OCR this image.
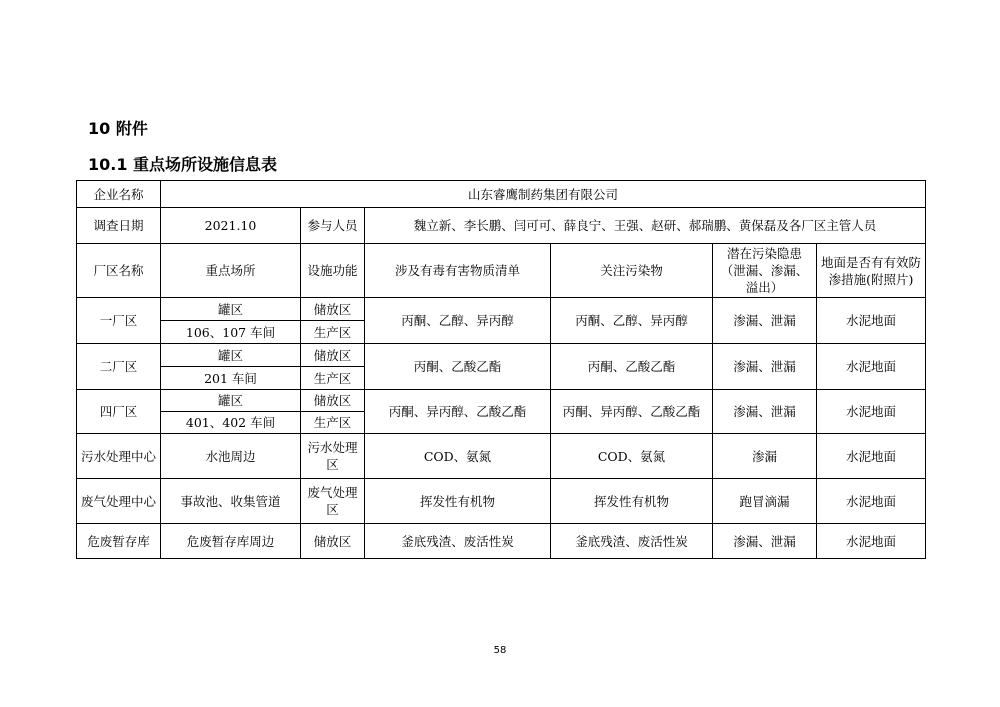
10 附件
10.1 重点场所设施信息表
企业名称	山东睿鹰制药集团有限公司					
调查日期	2021.10	参与人员	魏立新、李长鹏、闫可可、薛良宁、王强、赵研、郝瑞鹏、黄保磊及各厂区主管人员			
厂区名称	重点场所	设施功能	涉及有毒有害物质清单	关注污染物	潜在污染隐患（泄漏、渗漏、溢出）	地面是否有有效防渗措施(附照片)
一厂区	罐区	储放区	丙酮、乙醇、异丙醇	丙酮、乙醇、异丙醇	渗漏、泄漏	水泥地面
	106、107 车间	生产区				
二厂区	罐区	储放区	丙酮、乙酸乙酯	丙酮、乙酸乙酯	渗漏、泄漏	水泥地面
	201 车间	生产区				
四厂区	罐区	储放区	丙酮、异丙醇、乙酸乙酯	丙酮、异丙醇、乙酸乙酯	渗漏、泄漏	水泥地面
	401、402 车间	生产区				
污水处理中心	水池周边	污水处理区	COD、氨氮	COD、氨氮	渗漏	水泥地面
废气处理中心	事故池、收集管道	废气处理区	挥发性有机物	挥发性有机物	跑冒滴漏	水泥地面
危废暂存库	危废暂存库周边	储放区	釜底残渣、废活性炭	釜底残渣、废活性炭	渗漏、泄漏	水泥地面
58
